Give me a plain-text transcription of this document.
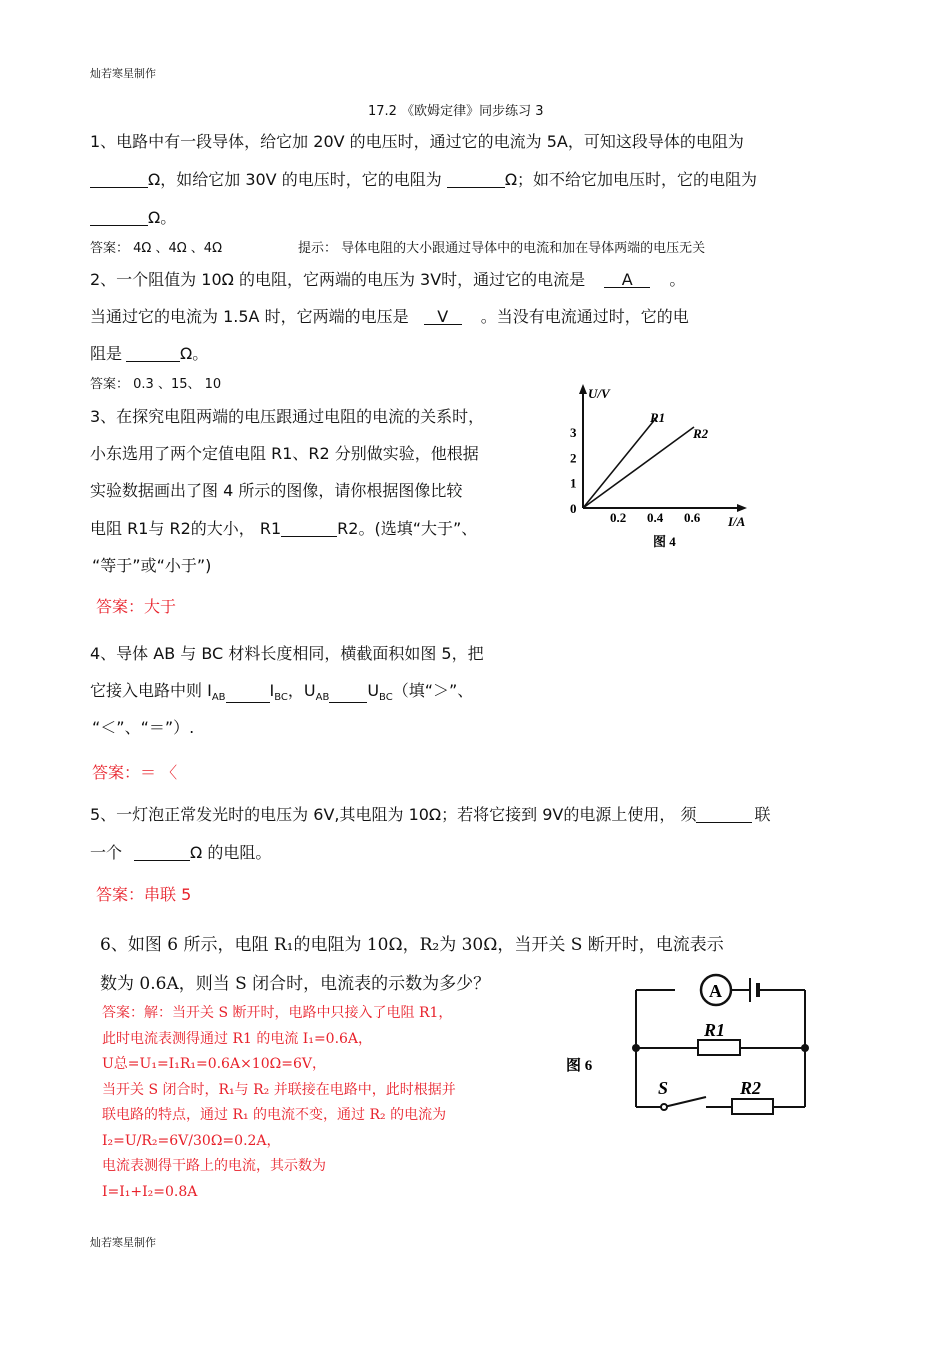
灿若寒星制作
灿若寒星制作
17.2 《欧姆定律》同步练习 3
1、电路中有一段导体，给它加 20V 的电压时，通过它的电流为 5A，可知这段导体的电阻为
Ω，如给它加 30V 的电压时，它的电阻为	Ω；如不给它加电压时，它的电阻为
Ω。
答案： 4Ω 、4Ω 、4Ω	提示： 导体电阻的大小跟通过导体中的电流和加在导体两端的电压无关
2、一个阻值为 10Ω 的电阻，它两端的电压为 3V时，通过它的电流是 A 。
当通过它的电流为 1.5A 时，它两端的电压是 V 。当没有电流通过时，它的电
阻是	Ω。
答案： 0.3 、15、 10
3、在探究电阻两端的电压跟通过电阻的电流的关系时，
小东选用了两个定值电阻 R1、R2 分别做实验，他根据
实验数据画出了图 4 所示的图像，请你根据图像比较
电阻 R1与 R2的大小， R1	R2。(选填“大于”、
“等于”或“小于”)
答案：大于
U/V
I/A
3
2
1
0
0.2 0.4 0.6
R1
R2
图 4
4、导体 AB 与 BC 材料长度相同，横截面积如图 5，把
它接入电路中则 $I_{AB}$	$I_{BC}$，$U_{AB}$ $U_{BC}$（填“＞”、
“＜”、“＝”）.
答案：＝ 〈
5、一灯泡正常发光时的电压为 6V,其电阻为 10Ω；若将它接到 9V的电源上使用， 须	联
一个	Ω 的电阻。
答案：串联 5
6、如图 6 所示，电阻 R₁的电阻为 10Ω，R₂为 30Ω，当开关 S 断开时，电流表示
数为 0.6A，则当 S 闭合时，电流表的示数为多少？
答案：解：当开关 S 断开时，电路中只接入了电阻 R1，
此时电流表测得通过 R1 的电流 I₁=0.6A，
U总=U₁=I₁R₁=0.6A×10Ω=6V，
当开关 S 闭合时，R₁与 R₂ 并联接在电路中，此时根据并
联电路的特点，通过 R₁ 的电流不变，通过 R₂ 的电流为
I₂=U/R₂=6V/30Ω=0.2A，
电流表测得干路上的电流，其示数为
I=I₁+I₂=0.8A
A
R1
R2
S
图 6
